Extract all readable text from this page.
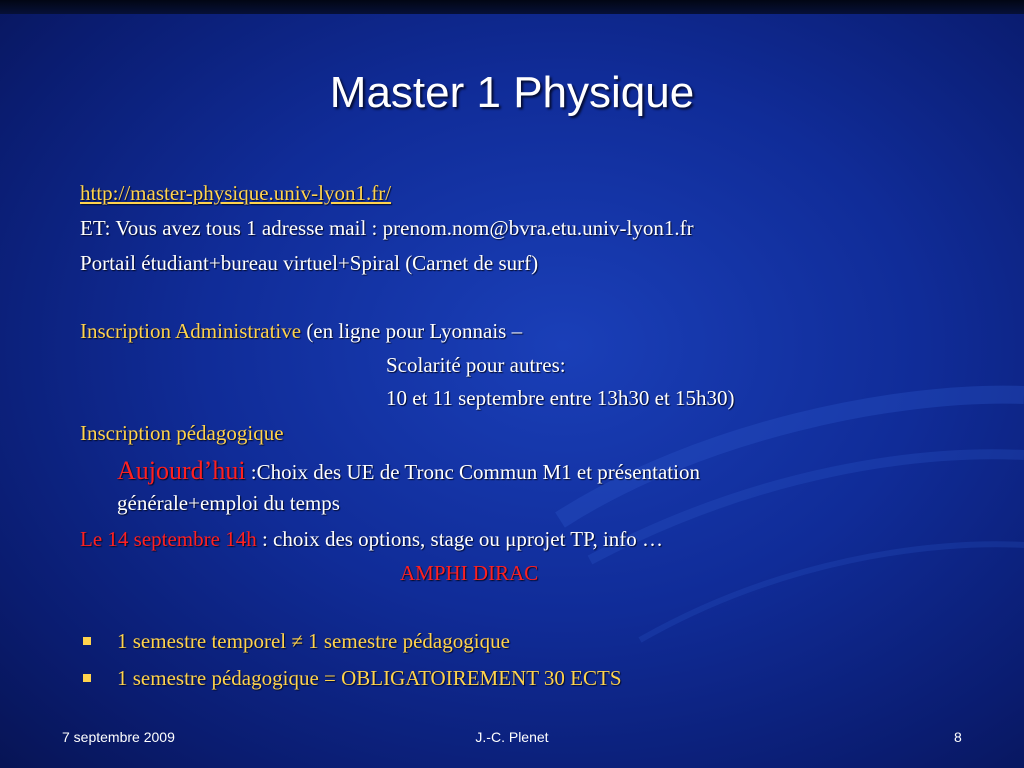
Master 1 Physique
http://master-physique.univ-lyon1.fr/
ET: Vous avez tous 1 adresse mail : prenom.nom@bvra.etu.univ-lyon1.fr
Portail étudiant+bureau virtuel+Spiral (Carnet de surf)
Inscription Administrative (en ligne pour Lyonnais –
Scolarité pour autres:
10 et 11 septembre entre 13h30 et 15h30)
Inscription pédagogique
Aujourd’hui :Choix des UE de Tronc Commun M1 et présentation
générale+emploi du temps
Le 14 septembre 14h : choix des options, stage ou μprojet TP, info …
AMPHI DIRAC
1 semestre temporel ≠ 1 semestre pédagogique
1 semestre pédagogique = OBLIGATOIREMENT 30 ECTS
7 septembre 2009	J.-C. Plenet	8
